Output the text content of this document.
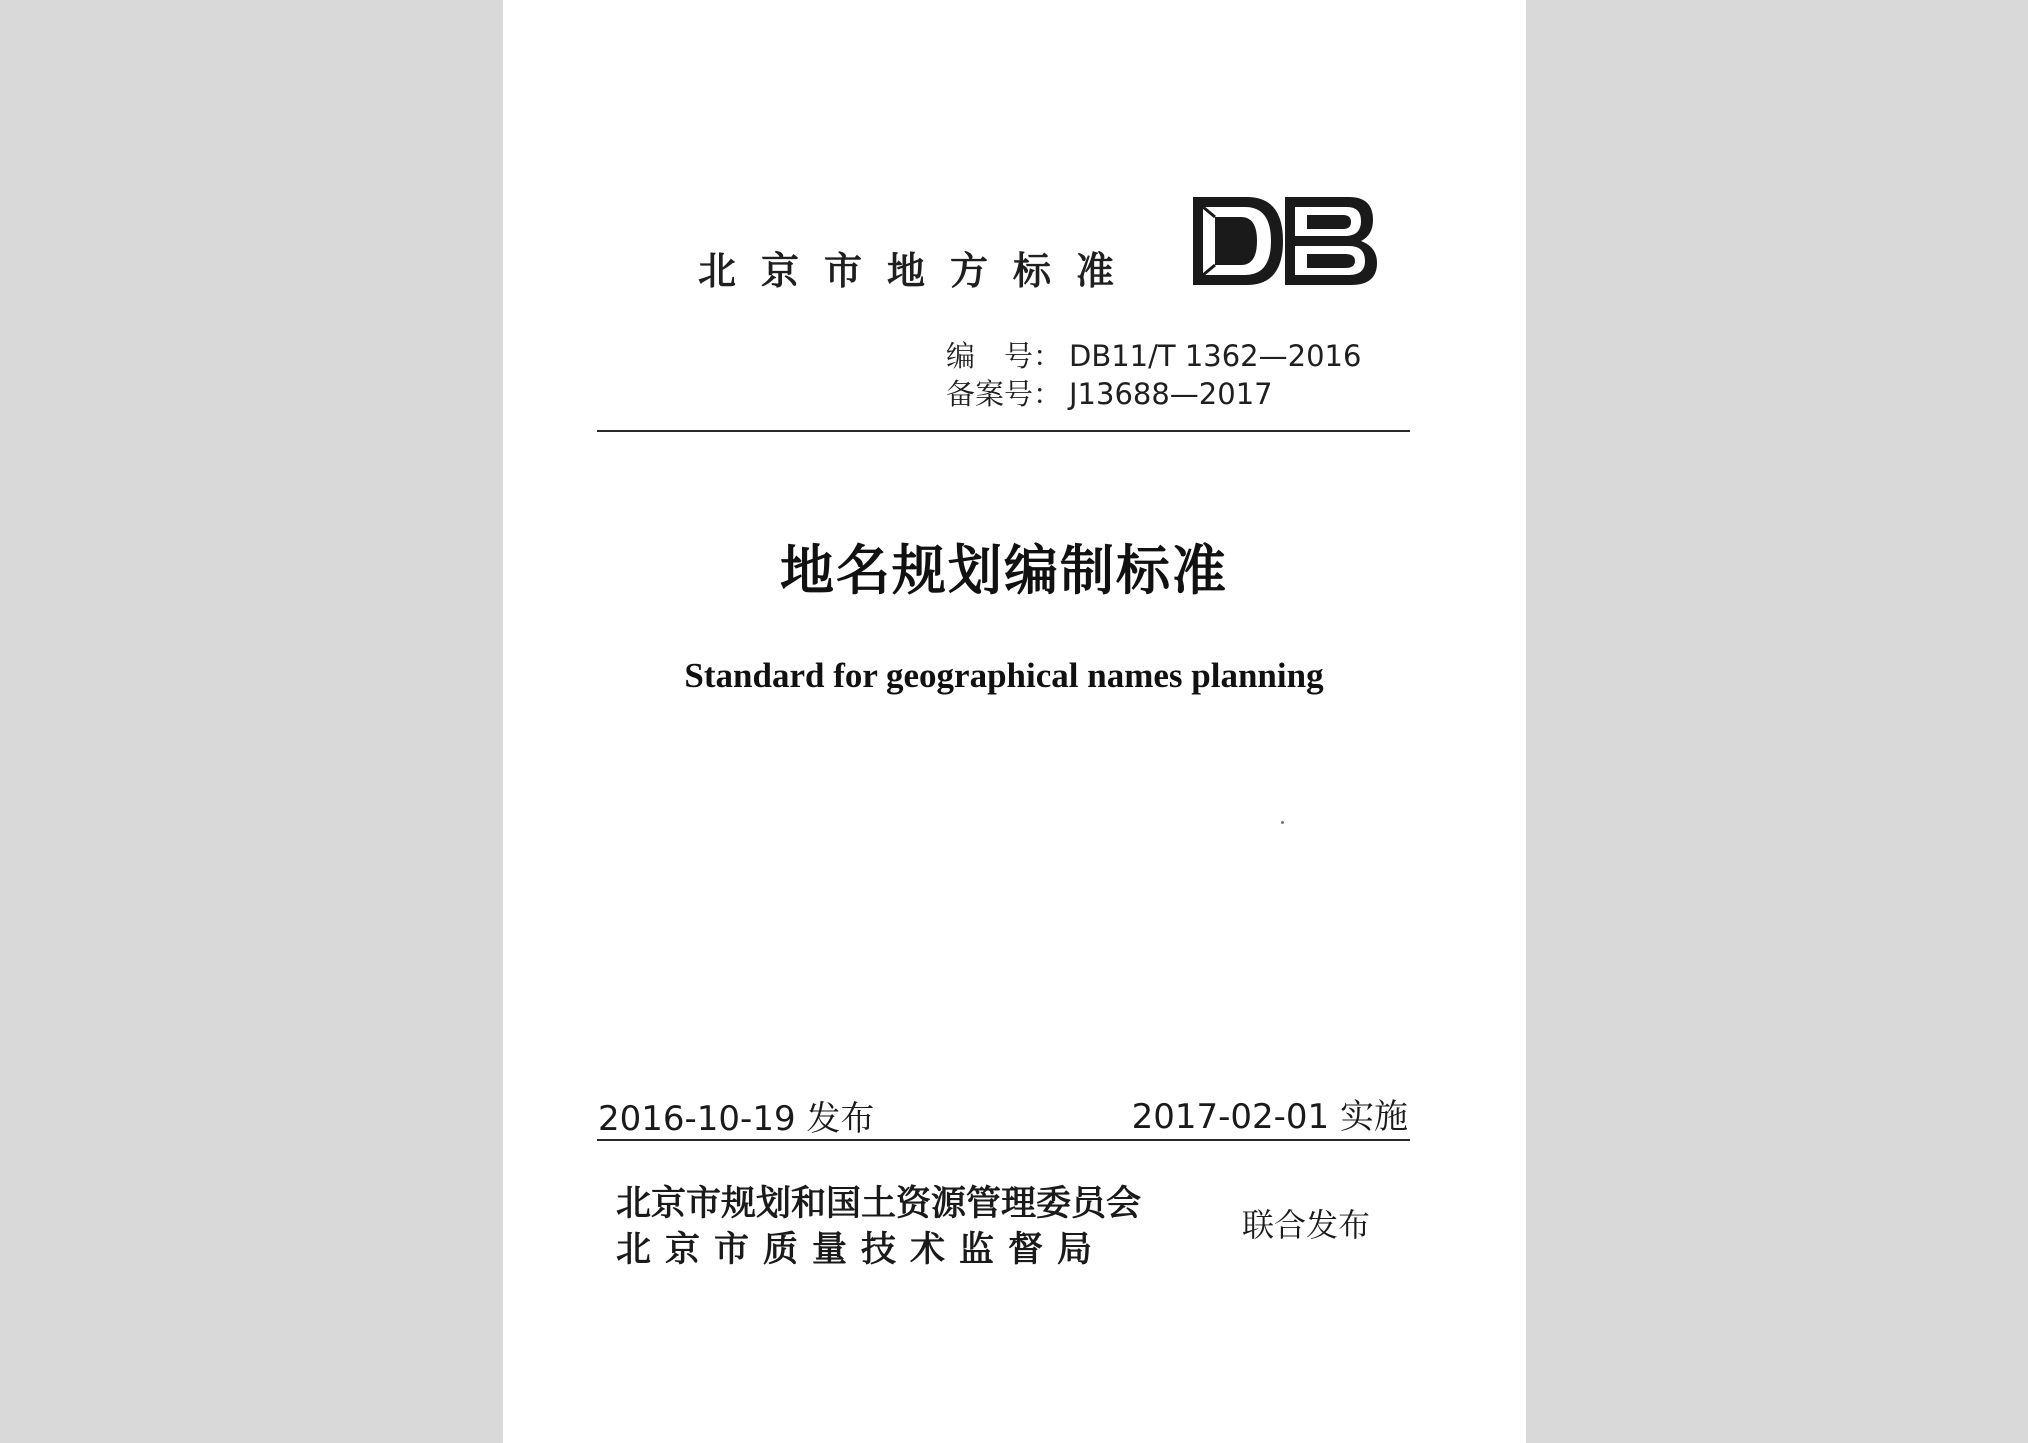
北京市地方标准
编　号： DB11/T 1362—2016
备案号： J13688—2017
地名规划编制标准
Standard for geographical names planning
2016-10-19 发布	2017-02-01 实施
北京市规划和国土资源管理委员会
北京市质量技术监督局
联合发布
